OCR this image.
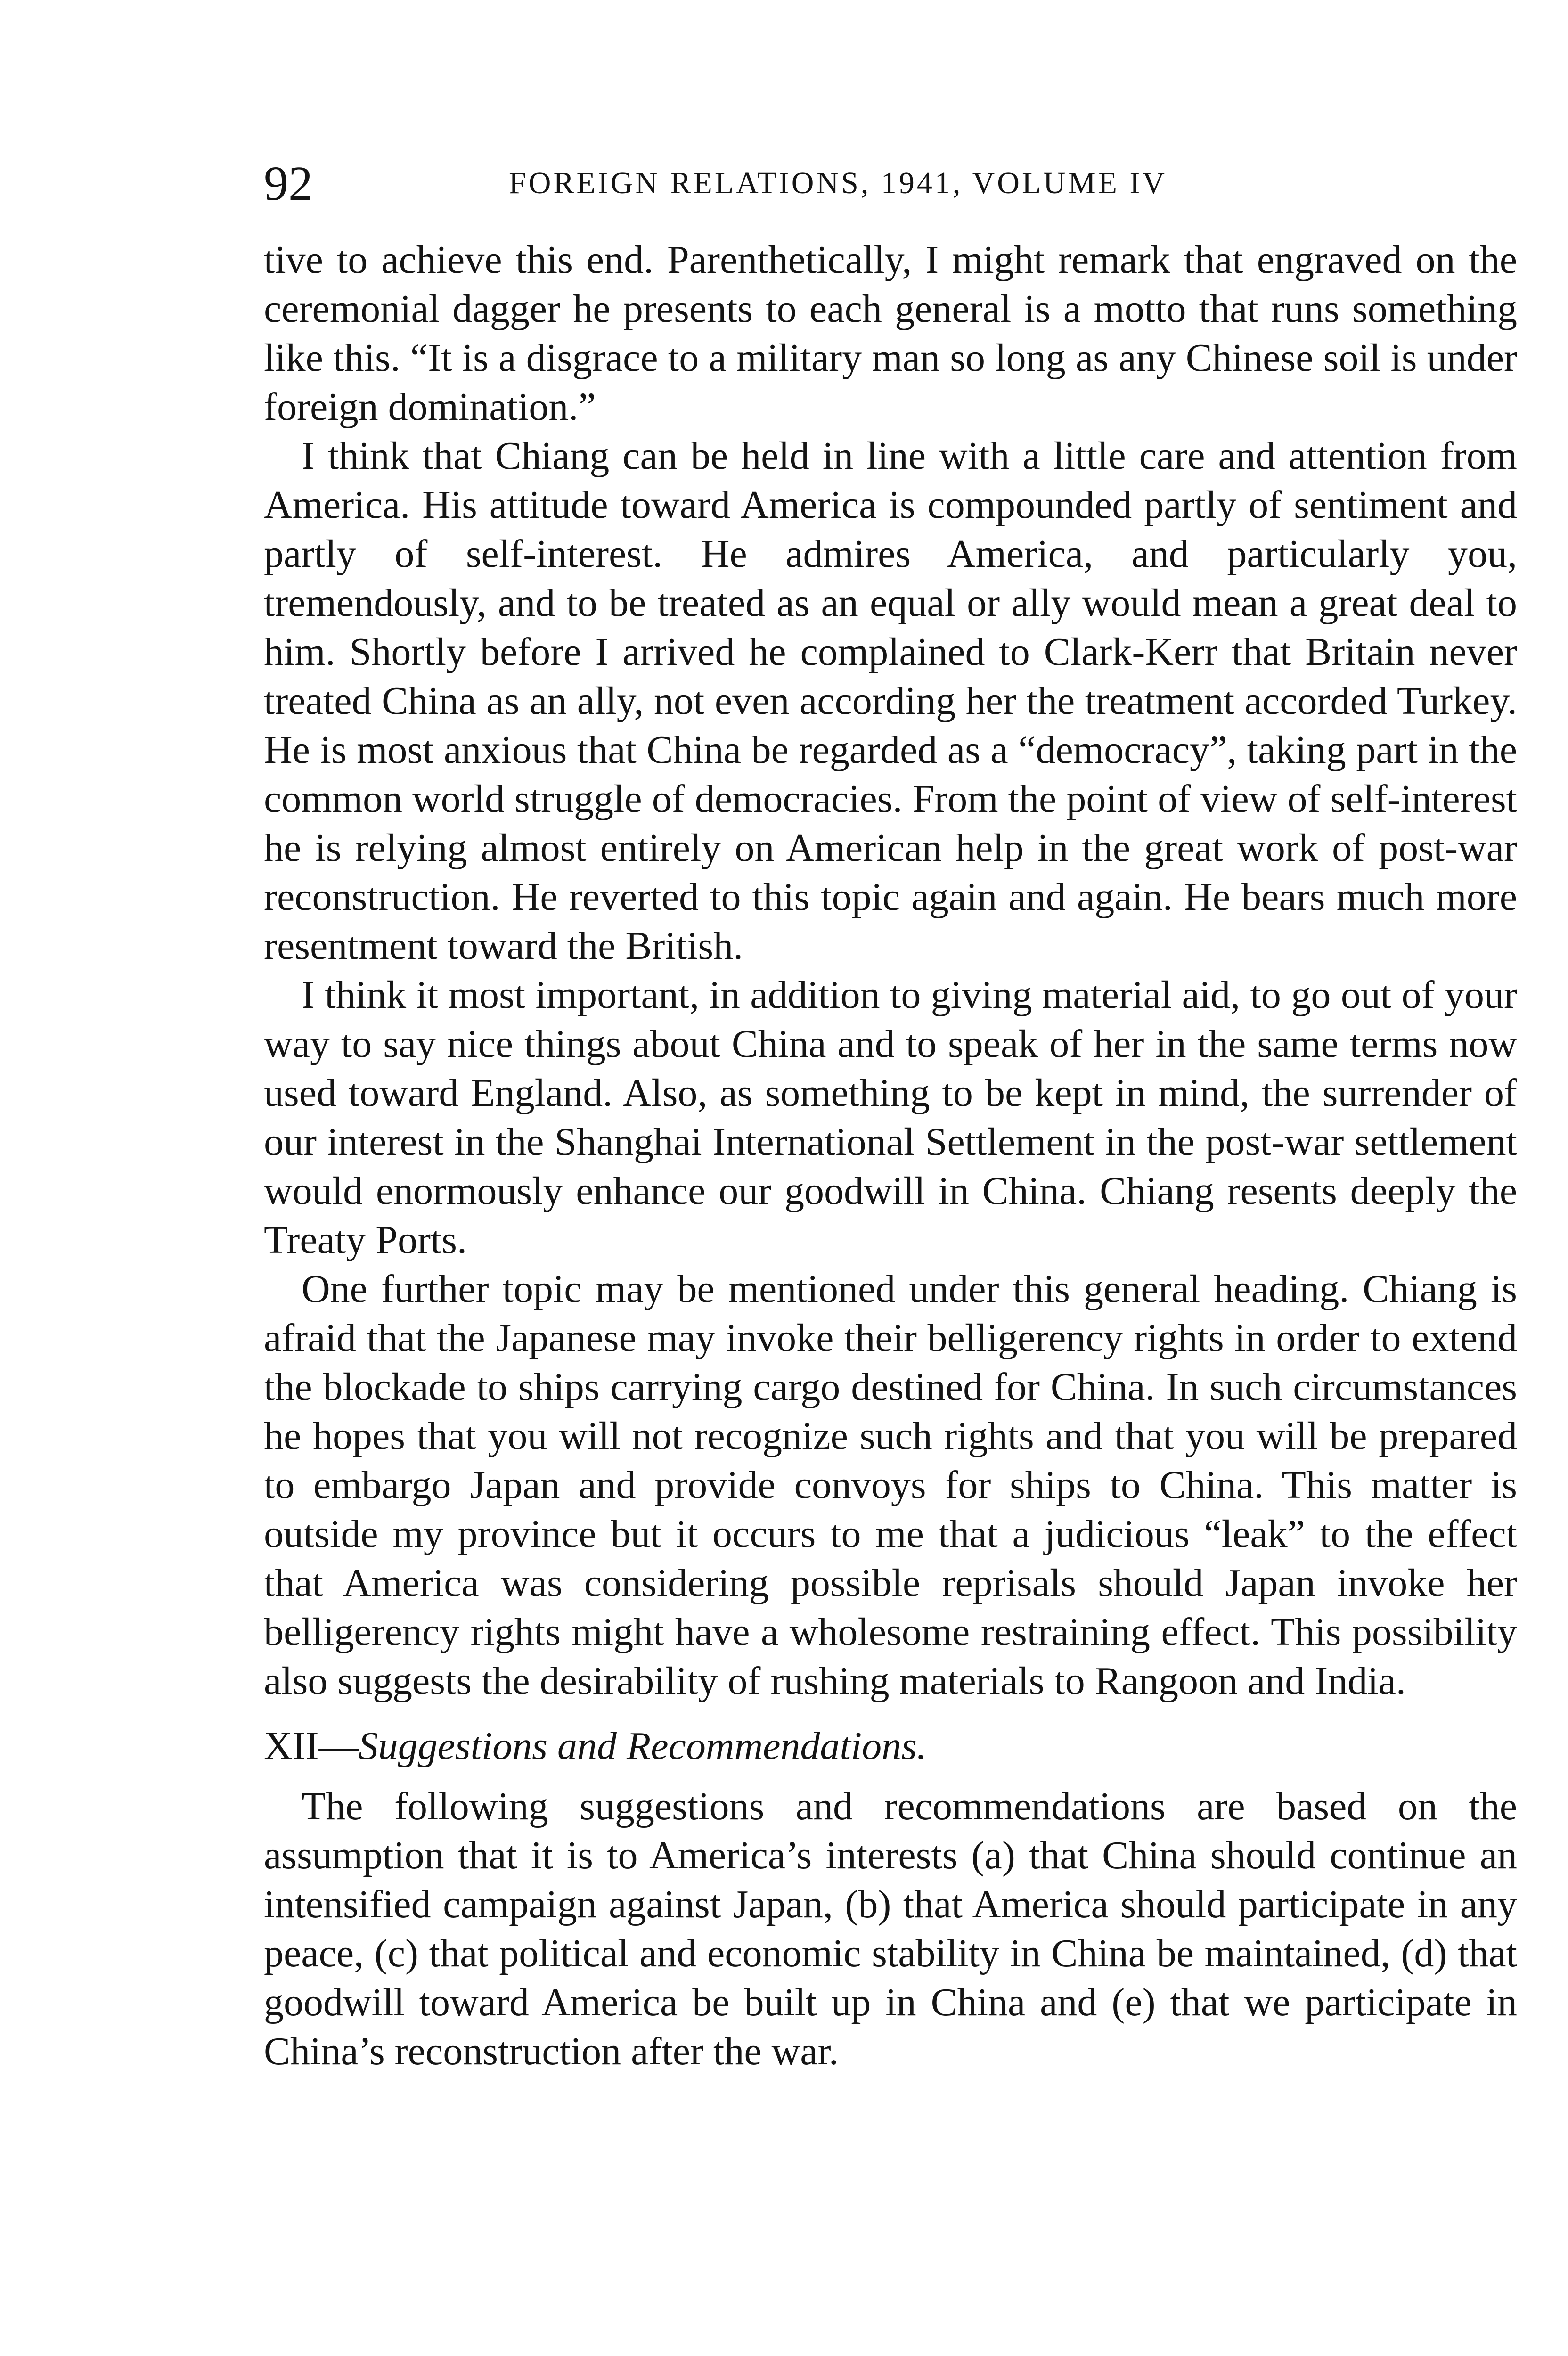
92	FOREIGN RELATIONS, 1941, VOLUME IV

tive to achieve this end. Parenthetically, I might remark that engraved on the ceremonial dagger he presents to each general is a motto that runs something like this. “It is a disgrace to a military man so long as any Chinese soil is under foreign domination.”

I think that Chiang can be held in line with a little care and attention from America. His attitude toward America is compounded partly of sentiment and partly of self-interest. He admires America, and particularly you, tremendously, and to be treated as an equal or ally would mean a great deal to him. Shortly before I arrived he complained to Clark-Kerr that Britain never treated China as an ally, not even according her the treatment accorded Turkey. He is most anxious that China be regarded as a “democracy”, taking part in the common world struggle of democracies. From the point of view of self-interest he is relying almost entirely on American help in the great work of post-war reconstruction. He reverted to this topic again and again. He bears much more resentment toward the British.

I think it most important, in addition to giving material aid, to go out of your way to say nice things about China and to speak of her in the same terms now used toward England. Also, as something to be kept in mind, the surrender of our interest in the Shanghai International Settlement in the post-war settlement would enormously enhance our goodwill in China. Chiang resents deeply the Treaty Ports.

One further topic may be mentioned under this general heading. Chiang is afraid that the Japanese may invoke their belligerency rights in order to extend the blockade to ships carrying cargo destined for China. In such circumstances he hopes that you will not recognize such rights and that you will be prepared to embargo Japan and provide convoys for ships to China. This matter is outside my province but it occurs to me that a judicious “leak” to the effect that America was considering possible reprisals should Japan invoke her belligerency rights might have a wholesome restraining effect. This possibility also suggests the desirability of rushing materials to Rangoon and India.

XII—Suggestions and Recommendations.

The following suggestions and recommendations are based on the assumption that it is to America’s interests (a) that China should continue an intensified campaign against Japan, (b) that America should participate in any peace, (c) that political and economic stability in China be maintained, (d) that goodwill toward America be built up in China and (e) that we participate in China’s reconstruction after the war.
